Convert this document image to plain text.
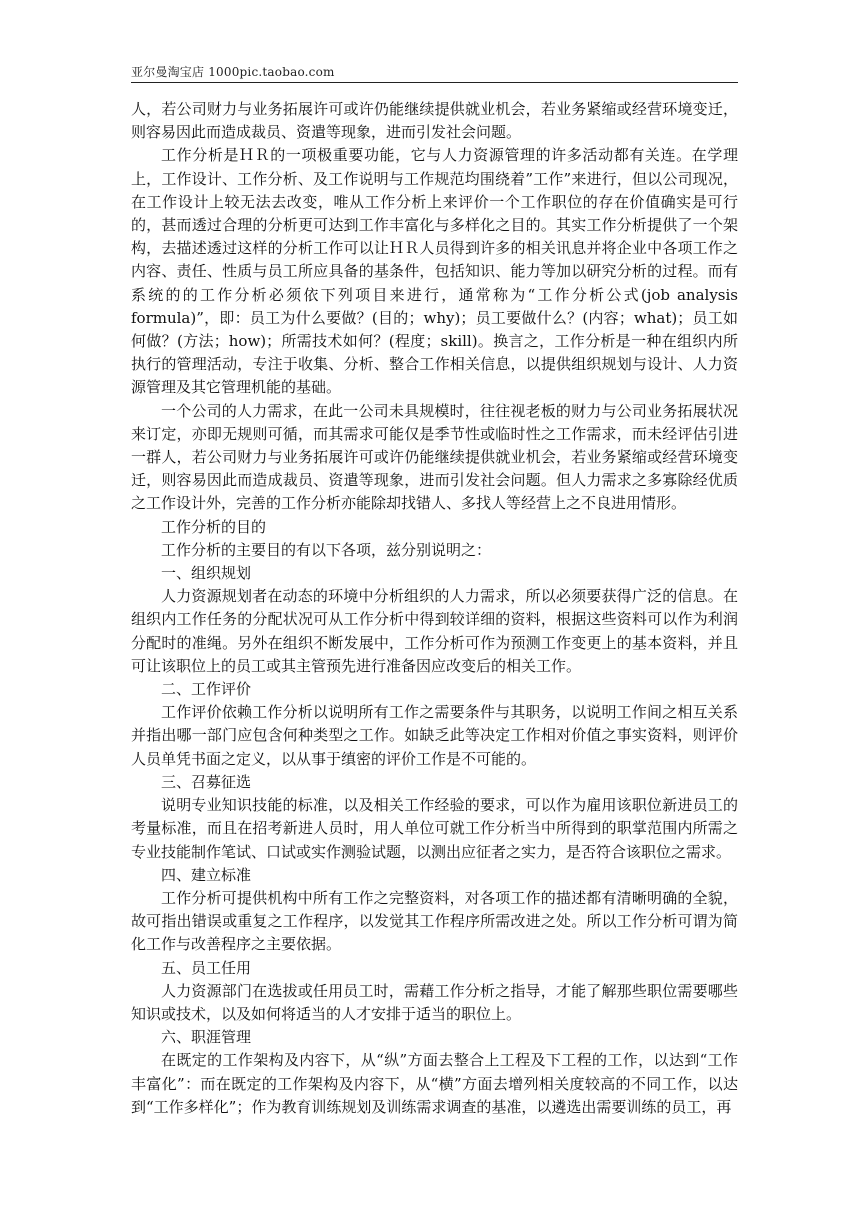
亚尔曼淘宝店 1000pic.taobao.com

人，若公司财力与业务拓展许可或许仍能继续提供就业机会，若业务紧缩或经营环境变迁，则容易因此而造成裁员、资遣等现象，进而引发社会问题。

工作分析是ＨＲ的一项极重要功能，它与人力资源管理的许多活动都有关连。在学理上，工作设计、工作分析、及工作说明与工作规范均围绕着”工作”来进行，但以公司现况，在工作设计上较无法去改变，唯从工作分析上来评价一个工作职位的存在价值确实是可行的，甚而透过合理的分析更可达到工作丰富化与多样化之目的。其实工作分析提供了一个架构，去描述透过这样的分析工作可以让ＨＲ人员得到许多的相关讯息并将企业中各项工作之内容、责任、性质与员工所应具备的基条件，包括知识、能力等加以研究分析的过程。而有系统的的工作分析必须依下列项目来进行，通常称为“工作分析公式(job analysis formula)”，即：员工为什么要做？(目的；why)；员工要做什么？(内容；what)；员工如何做？(方法；how)；所需技术如何？(程度；skill)。换言之，工作分析是一种在组织内所执行的管理活动，专注于收集、分析、整合工作相关信息，以提供组织规划与设计、人力资源管理及其它管理机能的基础。

一个公司的人力需求，在此一公司未具规模时，往往视老板的财力与公司业务拓展状况来订定，亦即无规则可循，而其需求可能仅是季节性或临时性之工作需求，而未经评估引进一群人，若公司财力与业务拓展许可或许仍能继续提供就业机会，若业务紧缩或经营环境变迁，则容易因此而造成裁员、资遣等现象，进而引发社会问题。但人力需求之多寡除经优质之工作设计外，完善的工作分析亦能除却找错人、多找人等经营上之不良进用情形。

工作分析的目的

工作分析的主要目的有以下各项，兹分别说明之：

一、组织规划

人力资源规划者在动态的环境中分析组织的人力需求，所以必须要获得广泛的信息。在组织内工作任务的分配状况可从工作分析中得到较详细的资料，根据这些资料可以作为利润分配时的准绳。另外在组织不断发展中，工作分析可作为预测工作变更上的基本资料，并且可让该职位上的员工或其主管预先进行准备因应改变后的相关工作。

二、工作评价

工作评价依赖工作分析以说明所有工作之需要条件与其职务，以说明工作间之相互关系并指出哪一部门应包含何种类型之工作。如缺乏此等决定工作相对价值之事实资料，则评价人员单凭书面之定义，以从事于缜密的评价工作是不可能的。

三、召募征选

说明专业知识技能的标准，以及相关工作经验的要求，可以作为雇用该职位新进员工的考量标准，而且在招考新进人员时，用人单位可就工作分析当中所得到的职掌范围内所需之专业技能制作笔试、口试或实作测验试题，以测出应征者之实力，是否符合该职位之需求。

四、建立标准

工作分析可提供机构中所有工作之完整资料，对各项工作的描述都有清晰明确的全貌，故可指出错误或重复之工作程序，以发觉其工作程序所需改进之处。所以工作分析可谓为简化工作与改善程序之主要依据。

五、员工任用

人力资源部门在选拔或任用员工时，需藉工作分析之指导，才能了解那些职位需要哪些知识或技术，以及如何将适当的人才安排于适当的职位上。

六、职涯管理

在既定的工作架构及内容下，从“纵”方面去整合上工程及下工程的工作，以达到“工作丰富化”：而在既定的工作架构及内容下，从“横”方面去增列相关度较高的不同工作，以达到“工作多样化”；作为教育训练规划及训练需求调查的基准，以遴选出需要训练的员工，再
